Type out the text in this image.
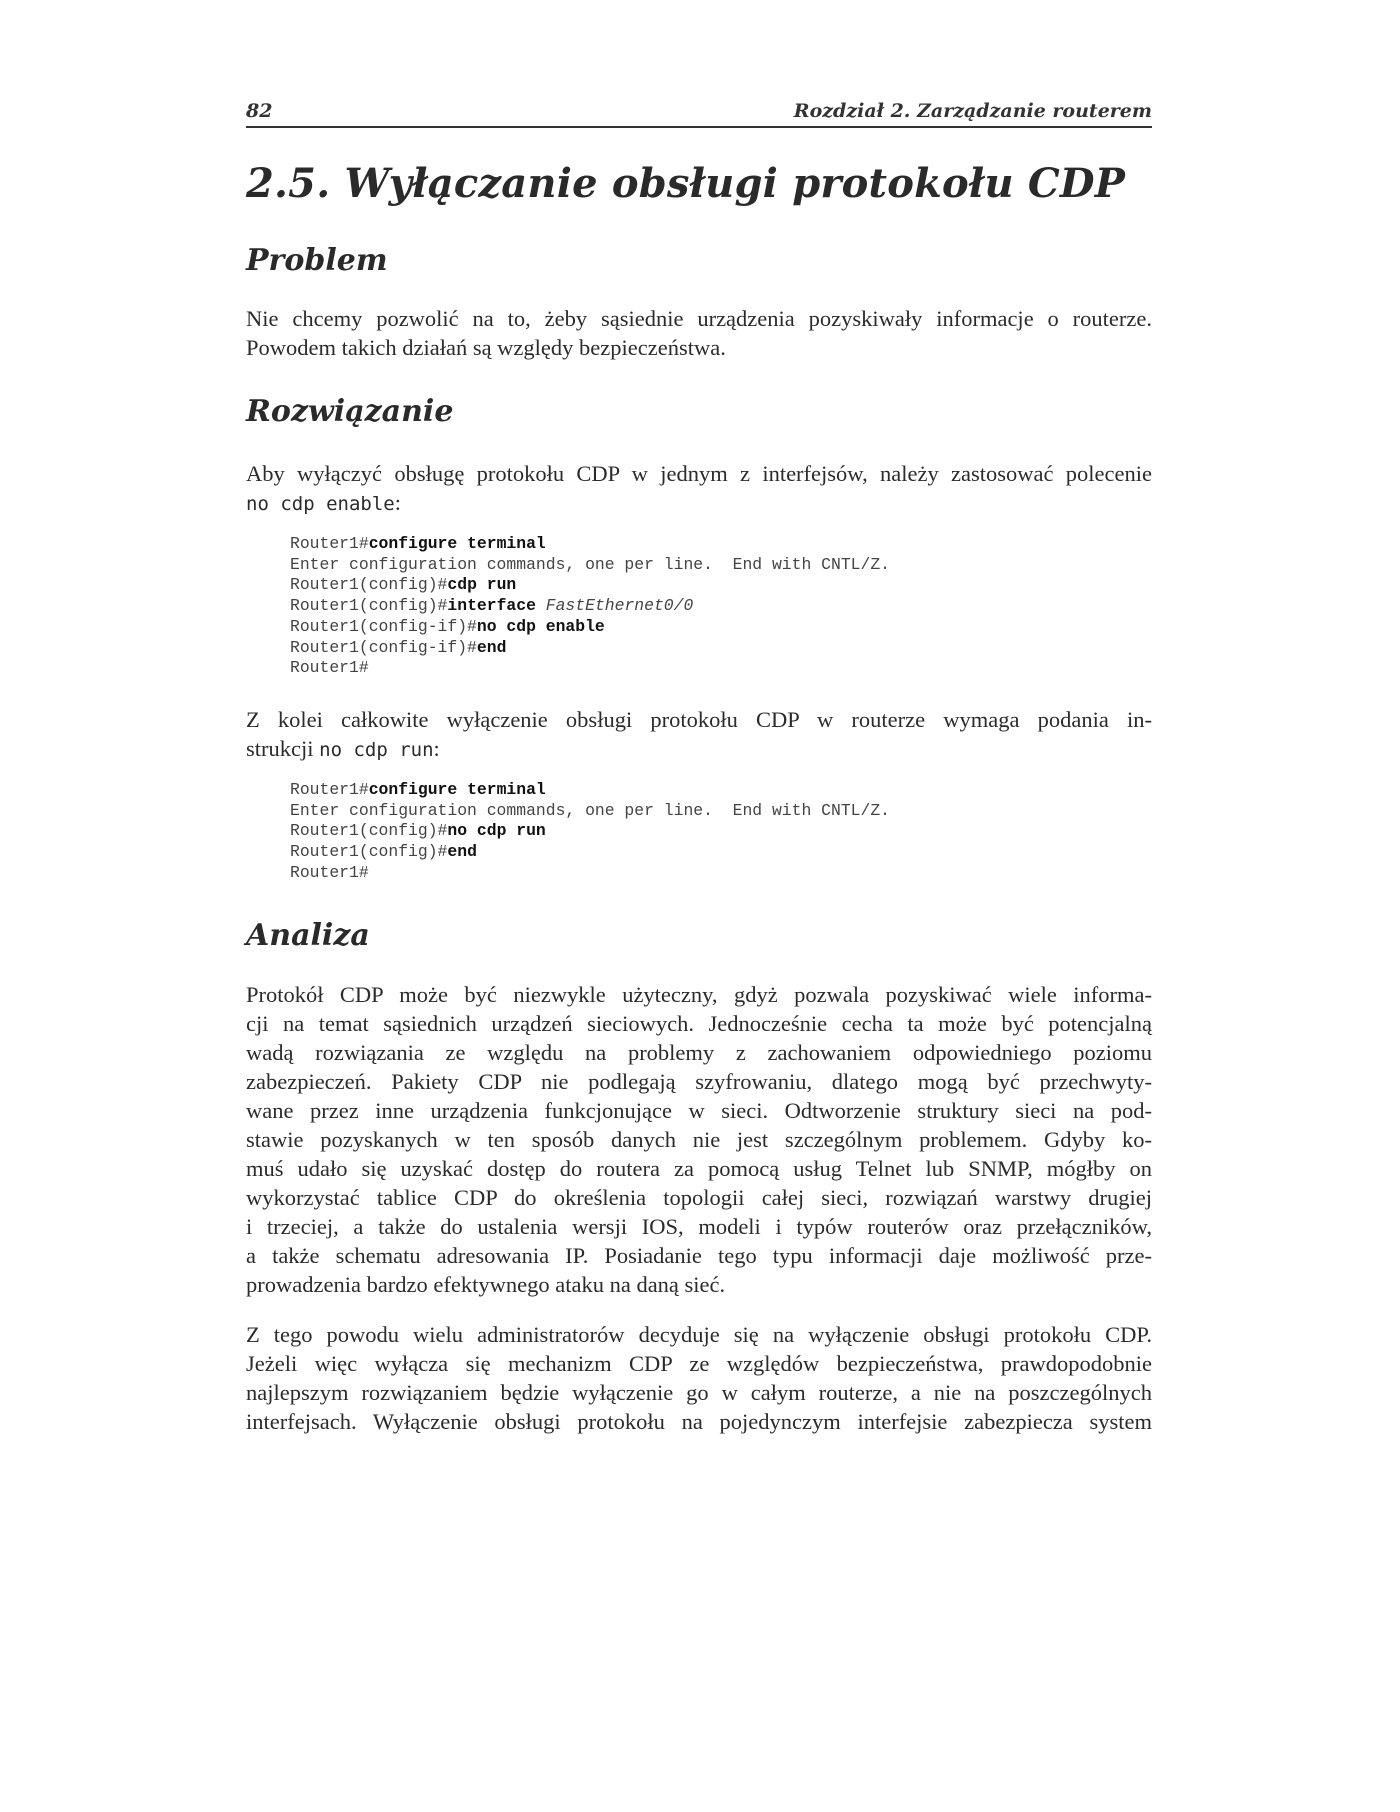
82	Rozdział 2. Zarządzanie routerem
2.5. Wyłączanie obsługi protokołu CDP
Problem
Nie chcemy pozwolić na to, żeby sąsiednie urządzenia pozyskiwały informacje o routerze.
Powodem takich działań są względy bezpieczeństwa.
Rozwiązanie
Aby wyłączyć obsługę protokołu CDP w jednym z interfejsów, należy zastosować polecenie
no cdp enable:
Router1#configure terminal
Enter configuration commands, one per line.  End with CNTL/Z.
Router1(config)#cdp run
Router1(config)#interface FastEthernet0/0
Router1(config-if)#no cdp enable
Router1(config-if)#end
Router1#
Z kolei całkowite wyłączenie obsługi protokołu CDP w routerze wymaga podania in-
strukcji no cdp run:
Router1#configure terminal
Enter configuration commands, one per line.  End with CNTL/Z.
Router1(config)#no cdp run
Router1(config)#end
Router1#
Analiza
Protokół CDP może być niezwykle użyteczny, gdyż pozwala pozyskiwać wiele informa-
cji na temat sąsiednich urządzeń sieciowych. Jednocześnie cecha ta może być potencjalną
wadą rozwiązania ze względu na problemy z zachowaniem odpowiedniego poziomu
zabezpieczeń. Pakiety CDP nie podlegają szyfrowaniu, dlatego mogą być przechwyty-
wane przez inne urządzenia funkcjonujące w sieci. Odtworzenie struktury sieci na pod-
stawie pozyskanych w ten sposób danych nie jest szczególnym problemem. Gdyby ko-
muś udało się uzyskać dostęp do routera za pomocą usług Telnet lub SNMP, mógłby on
wykorzystać tablice CDP do określenia topologii całej sieci, rozwiązań warstwy drugiej
i trzeciej, a także do ustalenia wersji IOS, modeli i typów routerów oraz przełączników,
a także schematu adresowania IP. Posiadanie tego typu informacji daje możliwość prze-
prowadzenia bardzo efektywnego ataku na daną sieć.
Z tego powodu wielu administratorów decyduje się na wyłączenie obsługi protokołu CDP.
Jeżeli więc wyłącza się mechanizm CDP ze względów bezpieczeństwa, prawdopodobnie
najlepszym rozwiązaniem będzie wyłączenie go w całym routerze, a nie na poszczególnych
interfejsach. Wyłączenie obsługi protokołu na pojedynczym interfejsie zabezpiecza system
